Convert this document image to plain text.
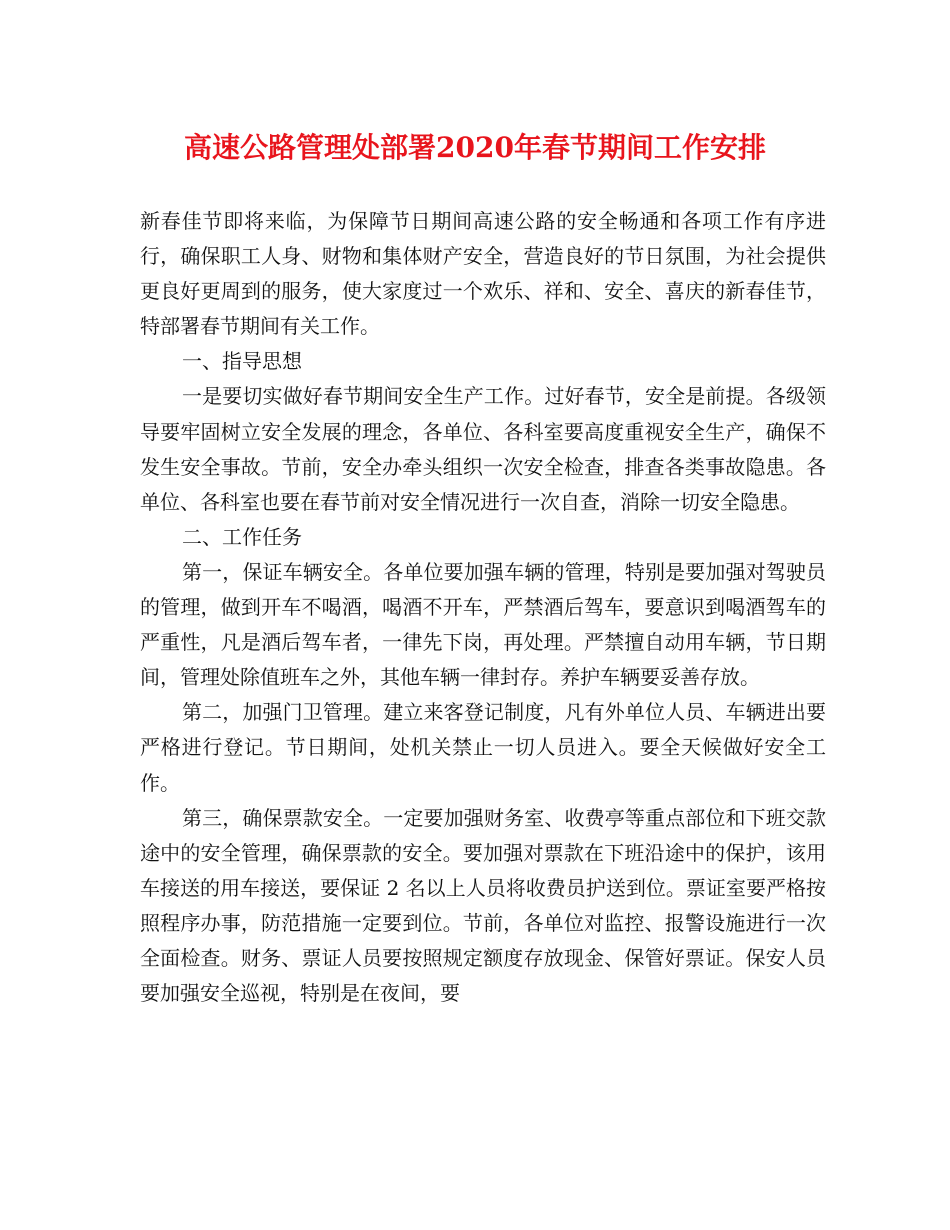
高速公路管理处部署2020年春节期间工作安排

新春佳节即将来临，为保障节日期间高速公路的安全畅通和各项工作有序进行，确保职工人身、财物和集体财产安全，营造良好的节日氛围，为社会提供更良好更周到的服务，使大家度过一个欢乐、祥和、安全、喜庆的新春佳节，特部署春节期间有关工作。

一、指导思想

一是要切实做好春节期间安全生产工作。过好春节，安全是前提。各级领导要牢固树立安全发展的理念，各单位、各科室要高度重视安全生产，确保不发生安全事故。节前，安全办牵头组织一次安全检查，排查各类事故隐患。各单位、各科室也要在春节前对安全情况进行一次自查，消除一切安全隐患。

二、工作任务

第一，保证车辆安全。各单位要加强车辆的管理，特别是要加强对驾驶员的管理，做到开车不喝酒，喝酒不开车，严禁酒后驾车，要意识到喝酒驾车的严重性，凡是酒后驾车者，一律先下岗，再处理。严禁擅自动用车辆，节日期间，管理处除值班车之外，其他车辆一律封存。养护车辆要妥善存放。

第二，加强门卫管理。建立来客登记制度，凡有外单位人员、车辆进出要严格进行登记。节日期间，处机关禁止一切人员进入。要全天候做好安全工作。

第三，确保票款安全。一定要加强财务室、收费亭等重点部位和下班交款途中的安全管理，确保票款的安全。要加强对票款在下班沿途中的保护，该用车接送的用车接送，要保证 2 名以上人员将收费员护送到位。票证室要严格按照程序办事，防范措施一定要到位。节前，各单位对监控、报警设施进行一次全面检查。财务、票证人员要按照规定额度存放现金、保管好票证。保安人员要加强安全巡视，特别是在夜间，要
